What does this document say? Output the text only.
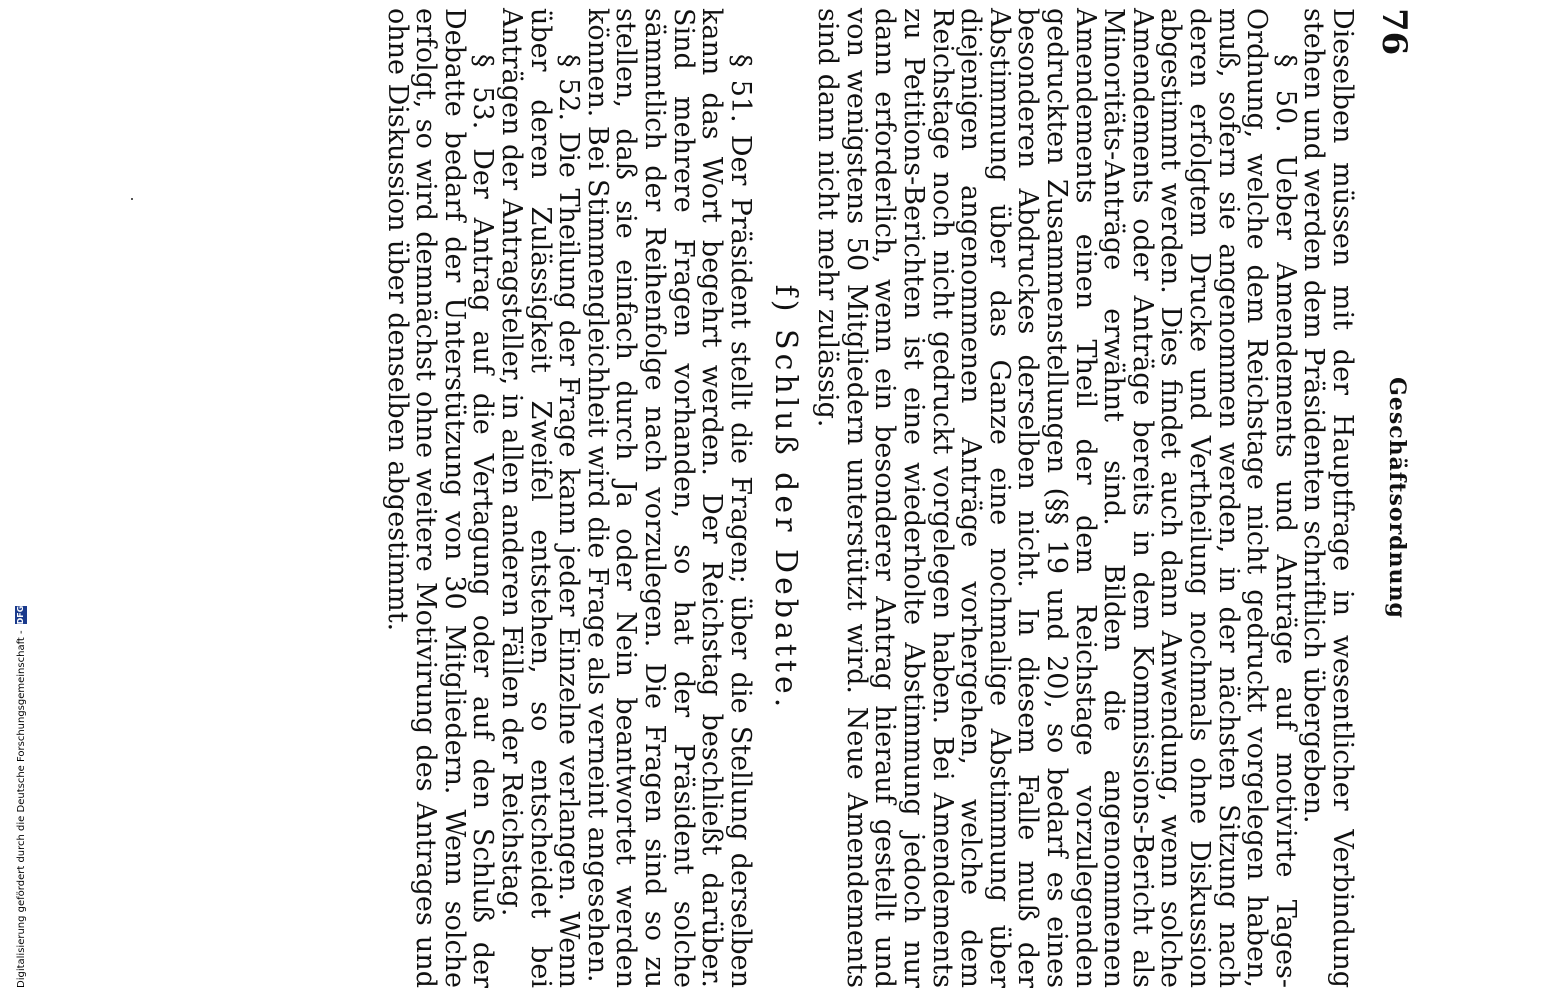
76
Geschäftsordnung

Dieselben müssen mit der Hauptfrage in wesentlicher Verbindung stehen und werden dem Präsidenten schriftlich übergeben.

§ 50. Ueber Amendements und Anträge auf motivirte Tages-Ordnung, welche dem Reichstage nicht gedruckt vorgelegen haben, muß, sofern sie angenommen werden, in der nächsten Sitzung nach deren erfolgtem Drucke und Vertheilung nochmals ohne Diskussion abgestimmt werden. Dies findet auch dann Anwendung, wenn solche Amendements oder Anträge bereits in dem Kommissions-Bericht als Minoritäts-Anträge erwähnt sind. Bilden die angenommenen Amendements einen Theil der dem Reichstage vorzulegenden gedruckten Zusammenstellungen (§§ 19 und 20), so bedarf es eines besonderen Abdruckes derselben nicht. In diesem Falle muß der Abstimmung über das Ganze eine nochmalige Abstimmung über diejenigen angenommenen Anträge vorhergehen, welche dem Reichstage noch nicht gedruckt vorgelegen haben. Bei Amendements zu Petitions-Berichten ist eine wiederholte Abstimmung jedoch nur dann erforderlich, wenn ein besonderer Antrag hierauf gestellt und von wenigstens 50 Mitgliedern unterstützt wird. Neue Amendements sind dann nicht mehr zulässig.

f) Schluß der Debatte.

§ 51. Der Präsident stellt die Fragen; über die Stellung derselben kann das Wort begehrt werden. Der Reichstag beschließt darüber. Sind mehrere Fragen vorhanden, so hat der Präsident solche sämmtlich der Reihenfolge nach vorzulegen. Die Fragen sind so zu stellen, daß sie einfach durch Ja oder Nein beantwortet werden können. Bei Stimmengleichheit wird die Frage als verneint angesehen.

§ 52. Die Theilung der Frage kann jeder Einzelne verlangen. Wenn über deren Zulässigkeit Zweifel entstehen, so entscheidet bei Anträgen der Antragsteller, in allen anderen Fällen der Reichstag.

§ 53. Der Antrag auf die Vertagung oder auf den Schluß der Debatte bedarf der Unterstützung von 30 Mitgliedern. Wenn solche erfolgt, so wird demnächst ohne weitere Motivirung des Antrages und ohne Diskussion über denselben abgestimmt.

Digitalisierung gefördert durch die Deutsche Forschungsgemeinschaft -
DFG
